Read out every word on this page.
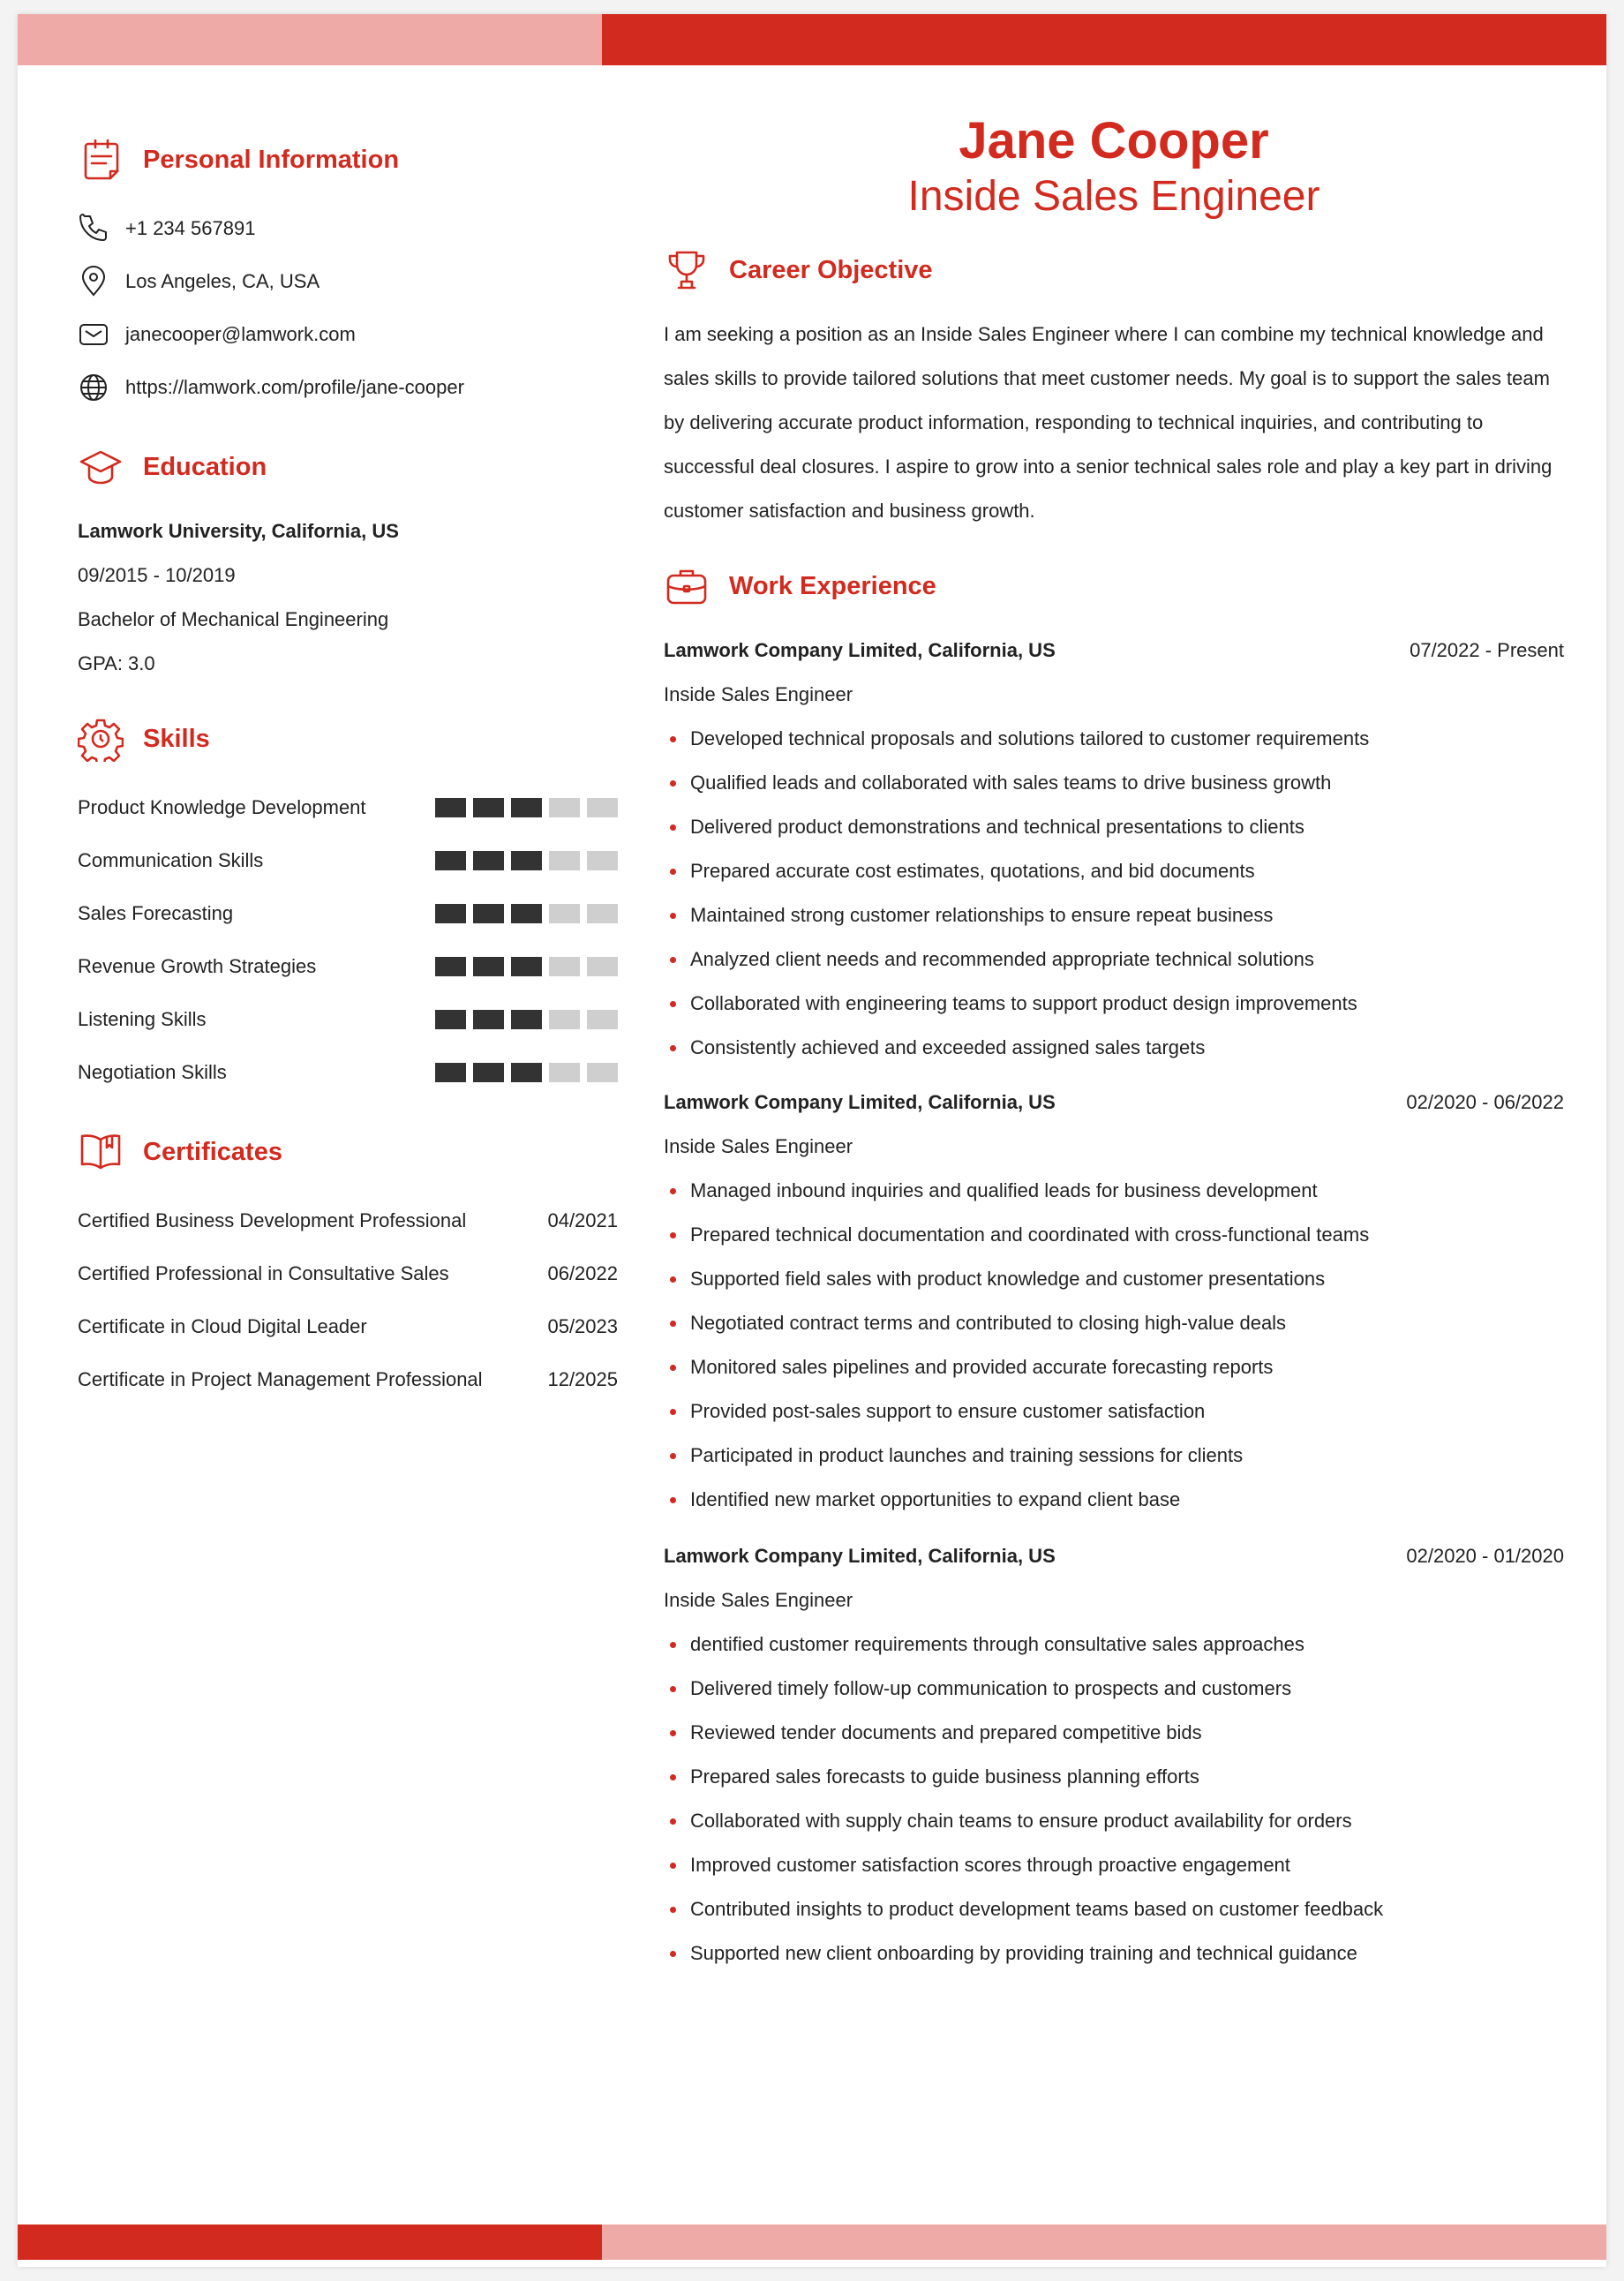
Personal Information
+1 234 567891
Los Angeles, CA, USA
janecooper@lamwork.com
https://lamwork.com/profile/jane-cooper
Education
Lamwork University, California, US
09/2015 - 10/2019
Bachelor of Mechanical Engineering
GPA: 3.0
Skills
Product Knowledge Development
Communication Skills
Sales Forecasting
Revenue Growth Strategies
Listening Skills
Negotiation Skills
Certificates
Certified Business Development Professional	04/2021
Certified Professional in Consultative Sales	06/2022
Certificate in Cloud Digital Leader	05/2023
Certificate in Project Management Professional	12/2025
Jane Cooper
Inside Sales Engineer
Career Objective

I am seeking a position as an Inside Sales Engineer where I can combine my technical knowledge and

sales skills to provide tailored solutions that meet customer needs. My goal is to support the sales team

by delivering accurate product information, responding to technical inquiries, and contributing to

successful deal closures. I aspire to grow into a senior technical sales role and play a key part in driving

customer satisfaction and business growth.

Work Experience
Lamwork Company Limited, California, US	07/2022 - Present
Inside Sales Engineer
Developed technical proposals and solutions tailored to customer requirements
Qualified leads and collaborated with sales teams to drive business growth
Delivered product demonstrations and technical presentations to clients
Prepared accurate cost estimates, quotations, and bid documents
Maintained strong customer relationships to ensure repeat business
Analyzed client needs and recommended appropriate technical solutions
Collaborated with engineering teams to support product design improvements
Consistently achieved and exceeded assigned sales targets
Lamwork Company Limited, California, US	02/2020 - 06/2022
Inside Sales Engineer
Managed inbound inquiries and qualified leads for business development
Prepared technical documentation and coordinated with cross-functional teams
Supported field sales with product knowledge and customer presentations
Negotiated contract terms and contributed to closing high-value deals
Monitored sales pipelines and provided accurate forecasting reports
Provided post-sales support to ensure customer satisfaction
Participated in product launches and training sessions for clients
Identified new market opportunities to expand client base
Lamwork Company Limited, California, US	02/2020 - 01/2020
Inside Sales Engineer
dentified customer requirements through consultative sales approaches
Delivered timely follow-up communication to prospects and customers
Reviewed tender documents and prepared competitive bids
Prepared sales forecasts to guide business planning efforts
Collaborated with supply chain teams to ensure product availability for orders
Improved customer satisfaction scores through proactive engagement
Contributed insights to product development teams based on customer feedback
Supported new client onboarding by providing training and technical guidance
